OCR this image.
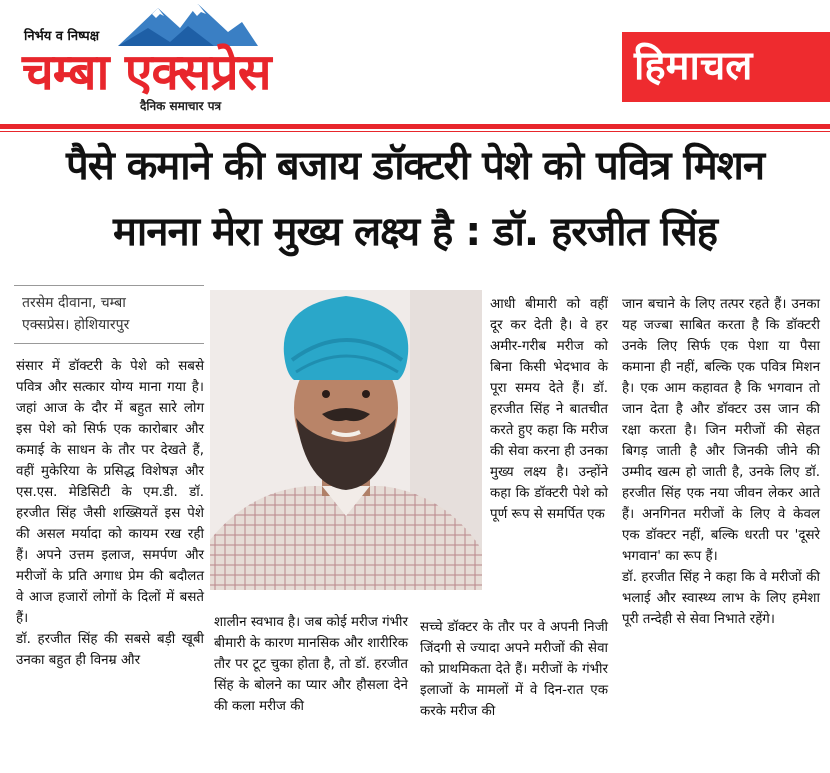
निर्भय व निष्पक्ष
चम्बा एक्सप्रेस
दैनिक समाचार पत्र
हिमाचल
पैसे कमाने की बजाय डॉक्टरी पेशे को पवित्र मिशन
मानना मेरा मुख्य लक्ष्य है : डॉ. हरजीत सिंह
तरसेम दीवाना, चम्बा
एक्सप्रेस। होशियारपुर

संसार में डॉक्टरी के पेशे को सबसे पवित्र और सत्कार योग्य माना गया है। जहां आज के दौर में बहुत सारे लोग इस पेशे को सिर्फ एक कारोबार और कमाई के साधन के तौर पर देखते हैं, वहीं मुकेरिया के प्रसिद्ध विशेषज्ञ और एस.एस. मेडिसिटी के एम.डी. डॉ. हरजीत सिंह जैसी शख्सियतें इस पेशे की असल मर्यादा को कायम रख रही हैं। अपने उत्तम इलाज, समर्पण और मरीजों के प्रति अगाध प्रेम की बदौलत वे आज हजारों लोगों के दिलों में बसते हैं।

डॉ. हरजीत सिंह की सबसे बड़ी खूबी उनका बहुत ही विनम्र और

शालीन स्वभाव है। जब कोई मरीज गंभीर बीमारी के कारण मानसिक और शारीरिक तौर पर टूट चुका होता है, तो डॉ. हरजीत सिंह के बोलने का प्यार और हौसला देने की कला मरीज की

आधी बीमारी को वहीं दूर कर देती है। वे हर अमीर-गरीब मरीज को बिना किसी भेदभाव के पूरा समय देते हैं। डॉ. हरजीत सिंह ने बातचीत करते हुए कहा कि मरीज की सेवा करना ही उनका मुख्य लक्ष्य है। उन्होंने कहा कि डॉक्टरी पेशे को पूर्ण रूप से समर्पित एक

सच्चे डॉक्टर के तौर पर वे अपनी निजी जिंदगी से ज्यादा अपने मरीजों की सेवा को प्राथमिकता देते हैं। मरीजों के गंभीर इलाजों के मामलों में वे दिन-रात एक करके मरीज की

जान बचाने के लिए तत्पर रहते हैं। उनका यह जज्बा साबित करता है कि डॉक्टरी उनके लिए सिर्फ एक पेशा या पैसा कमाना ही नहीं, बल्कि एक पवित्र मिशन है। एक आम कहावत है कि भगवान तो जान देता है और डॉक्टर उस जान की रक्षा करता है। जिन मरीजों की सेहत बिगड़ जाती है और जिनकी जीने की उम्मीद खत्म हो जाती है, उनके लिए डॉ. हरजीत सिंह एक नया जीवन लेकर आते हैं। अनगिनत मरीजों के लिए वे केवल एक डॉक्टर नहीं, बल्कि धरती पर 'दूसरे भगवान' का रूप हैं।

डॉ. हरजीत सिंह ने कहा कि वे मरीजों की भलाई और स्वास्थ्य लाभ के लिए हमेशा पूरी तन्देही से सेवा निभाते रहेंगे।
